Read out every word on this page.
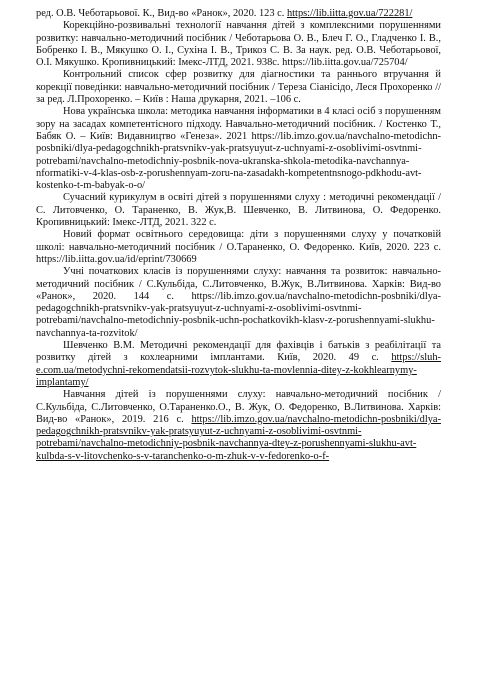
ред. О.В. Чеботарьової. К., Вид-во «Ранок», 2020. 123 с. https://lib.iitta.gov.ua/722281/

Корекційно-розвивальні технології навчання дітей з комплексними порушеннями розвитку: навчально-методичний посібник / Чеботарьова О. В., Блеч Г. О., Гладченко І. В., Бобренко І. В., Мякушко О. І., Сухіна І. В., Трикоз С. В. За наук. ред. О.В. Чеботарьової, О.І. Мякушко. Кропивницький: Імекс-ЛТД, 2021. 938с. https://lib.iitta.gov.ua/725704/

Контрольний список сфер розвитку для діагностики та раннього втручання й корекції поведінки: навчально-методичний посібник / Тереза Сіанісідо, Леся Прохоренко // за ред. Л.Прохоренко. – Київ : Наша друкарня, 2021. –106 с.

Нова українська школа: методика навчання інформатики в 4 класі осіб з порушенням зору на засадах компетентісного підходу. Навчально-методичний посібник. / Костенко Т., Бабяк О. – Київ: Видавництво «Генеза». 2021 https://lib.imzo.gov.ua/navchalno-metodichn-posbniki/dlya-pedagogchnikh-pratsvnikv-yak-pratsyuyut-z-uchnyami-z-osoblivimi-osvtnmi-potrebami/navchalno-metodichniy-posbnik-nova-ukranska-shkola-metodika-navchannya-nformatiki-v-4-klas-osb-z-porushennyam-zoru-na-zasadakh-kompetentnsnogo-pdkhodu-avt-kostenko-t-m-babyak-o-o/

Сучасний курикулум в освіті дітей з порушеннями слуху : методичні рекомендації / С. Литовченко, О. Тараненко, В. Жук,В. Шевченко, В. Литвинова, О. Федоренко. Кропивницький: Імекс-ЛТД, 2021. 322 с.

Новий формат освітнього середовища: діти з порушеннями слуху у початковій школі: навчально-методичний посібник / О.Тараненко, О. Федоренко. Київ, 2020. 223 с. https://lib.iitta.gov.ua/id/eprint/730669

Учні початкових класів із порушеннями слуху: навчання та розвиток: навчально-методичний посібник / С.Кульбіда, С.Литовченко, В.Жук, В.Литвинова. Харків: Вид-во «Ранок», 2020. 144 с. https://lib.imzo.gov.ua/navchalno-metodichn-posbniki/dlya-pedagogchnikh-pratsvnikv-yak-pratsyuyut-z-uchnyami-z-osoblivimi-osvtnmi-potrebami/navchalno-metodichniy-posbnik-uchn-pochatkovikh-klasv-z-porushennyami-slukhu-navchannya-ta-rozvitok/

Шевченко В.М. Методичні рекомендації для фахівців і батьків з реабілітації та розвитку дітей з кохлеарними імплантами. Київ, 2020. 49 с. https://sluh-e.com.ua/metodychni-rekomendatsii-rozvytok-slukhu-ta-movlennia-ditey-z-kokhlearnymy-implantamy/

Навчання дітей із порушеннями слуху: навчально-методичний посібник / С.Кульбіда, С.Литовченко, О.Тараненко.О., В. Жук, О. Федоренко, В.Литвинова. Харків: Вид-во «Ранок», 2019. 216 с. https://lib.imzo.gov.ua/navchalno-metodichn-posbniki/dlya-pedagogchnikh-pratsvnikv-yak-pratsyuyut-z-uchnyami-z-osoblivimi-osvtnmi-potrebami/navchalno-metodichniy-posbnik-navchannya-dtey-z-porushennyami-slukhu-avt-kulbda-s-v-litovchenko-s-v-taranchenko-o-m-zhuk-v-v-fedorenko-o-f-
